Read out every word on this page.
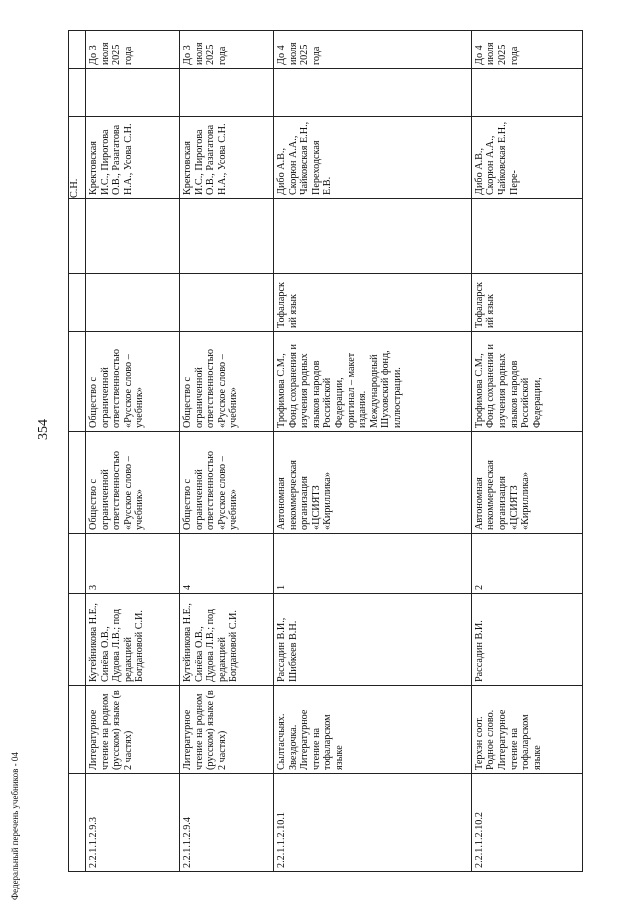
354
Федеральный перечень учебников - 04
								С.Н.		
2.2.1.1.2.9.3	Литературное чтение на родном (русском) языке (в 2 частях)	Кутейникова Н.Е., Синёва О.В., Дудова Л.В.; под редакцией Богдановой С.И.	3	Общество с ограниченной ответственностью «Русское слово – учебник»	Общество с ограниченной ответственностью «Русское слово – учебник»			Кректовская И.С., Пирогова О.В., Разагатова Н.А., Усова С.Н.		До 3 июля 2025 года
2.2.1.1.2.9.4	Литературное чтение на родном (русском) языке (в 2 частях)	Кутейникова Н.Е., Синёва О.В., Дудова Л.В.; под редакцией Богдановой С.И.	4	Общество с ограниченной ответственностью «Русское слово – учебник»	Общество с ограниченной ответственностью «Русское слово – учебник»			Кректовская И.С., Пирогова О.В., Разагатова Н.А., Усова С.Н.		До 3 июля 2025 года
2.2.1.1.2.10.1	Сылтасчыях. Звездочка. Литературное чтение на тофаларском языке	Рассадин В.И., Шибкеев В.Н.	1	Автономная некоммерческая организация «ЦСИЯТЗ «Кириллика»	Трофимова С.М., Фонд сохранения и изучения родных языков народов Российской Федерации, оригинал – макет издания. Международный Шуховский фонд, иллюстрации.	Тофаларский язык		Дибо А.В., Скорюн А.А., Чайковская Е.Н., Переходская Е.В.		До 4 июля 2025 года
2.2.1.1.2.10.2	Терхэн соот. Родное слово. Литературное чтение на тофаларском языке	Рассадин В.И.	2	Автономная некоммерческая организация «ЦСИЯТЗ «Кириллика»	Трофимова С.М., Фонд сохранения и изучения родных языков народов Российской Федерации,	Тофаларский язык		Дибо А.В., Скорюн А.А., Чайковская Е.Н., Пере-		До 4 июля 2025 года
